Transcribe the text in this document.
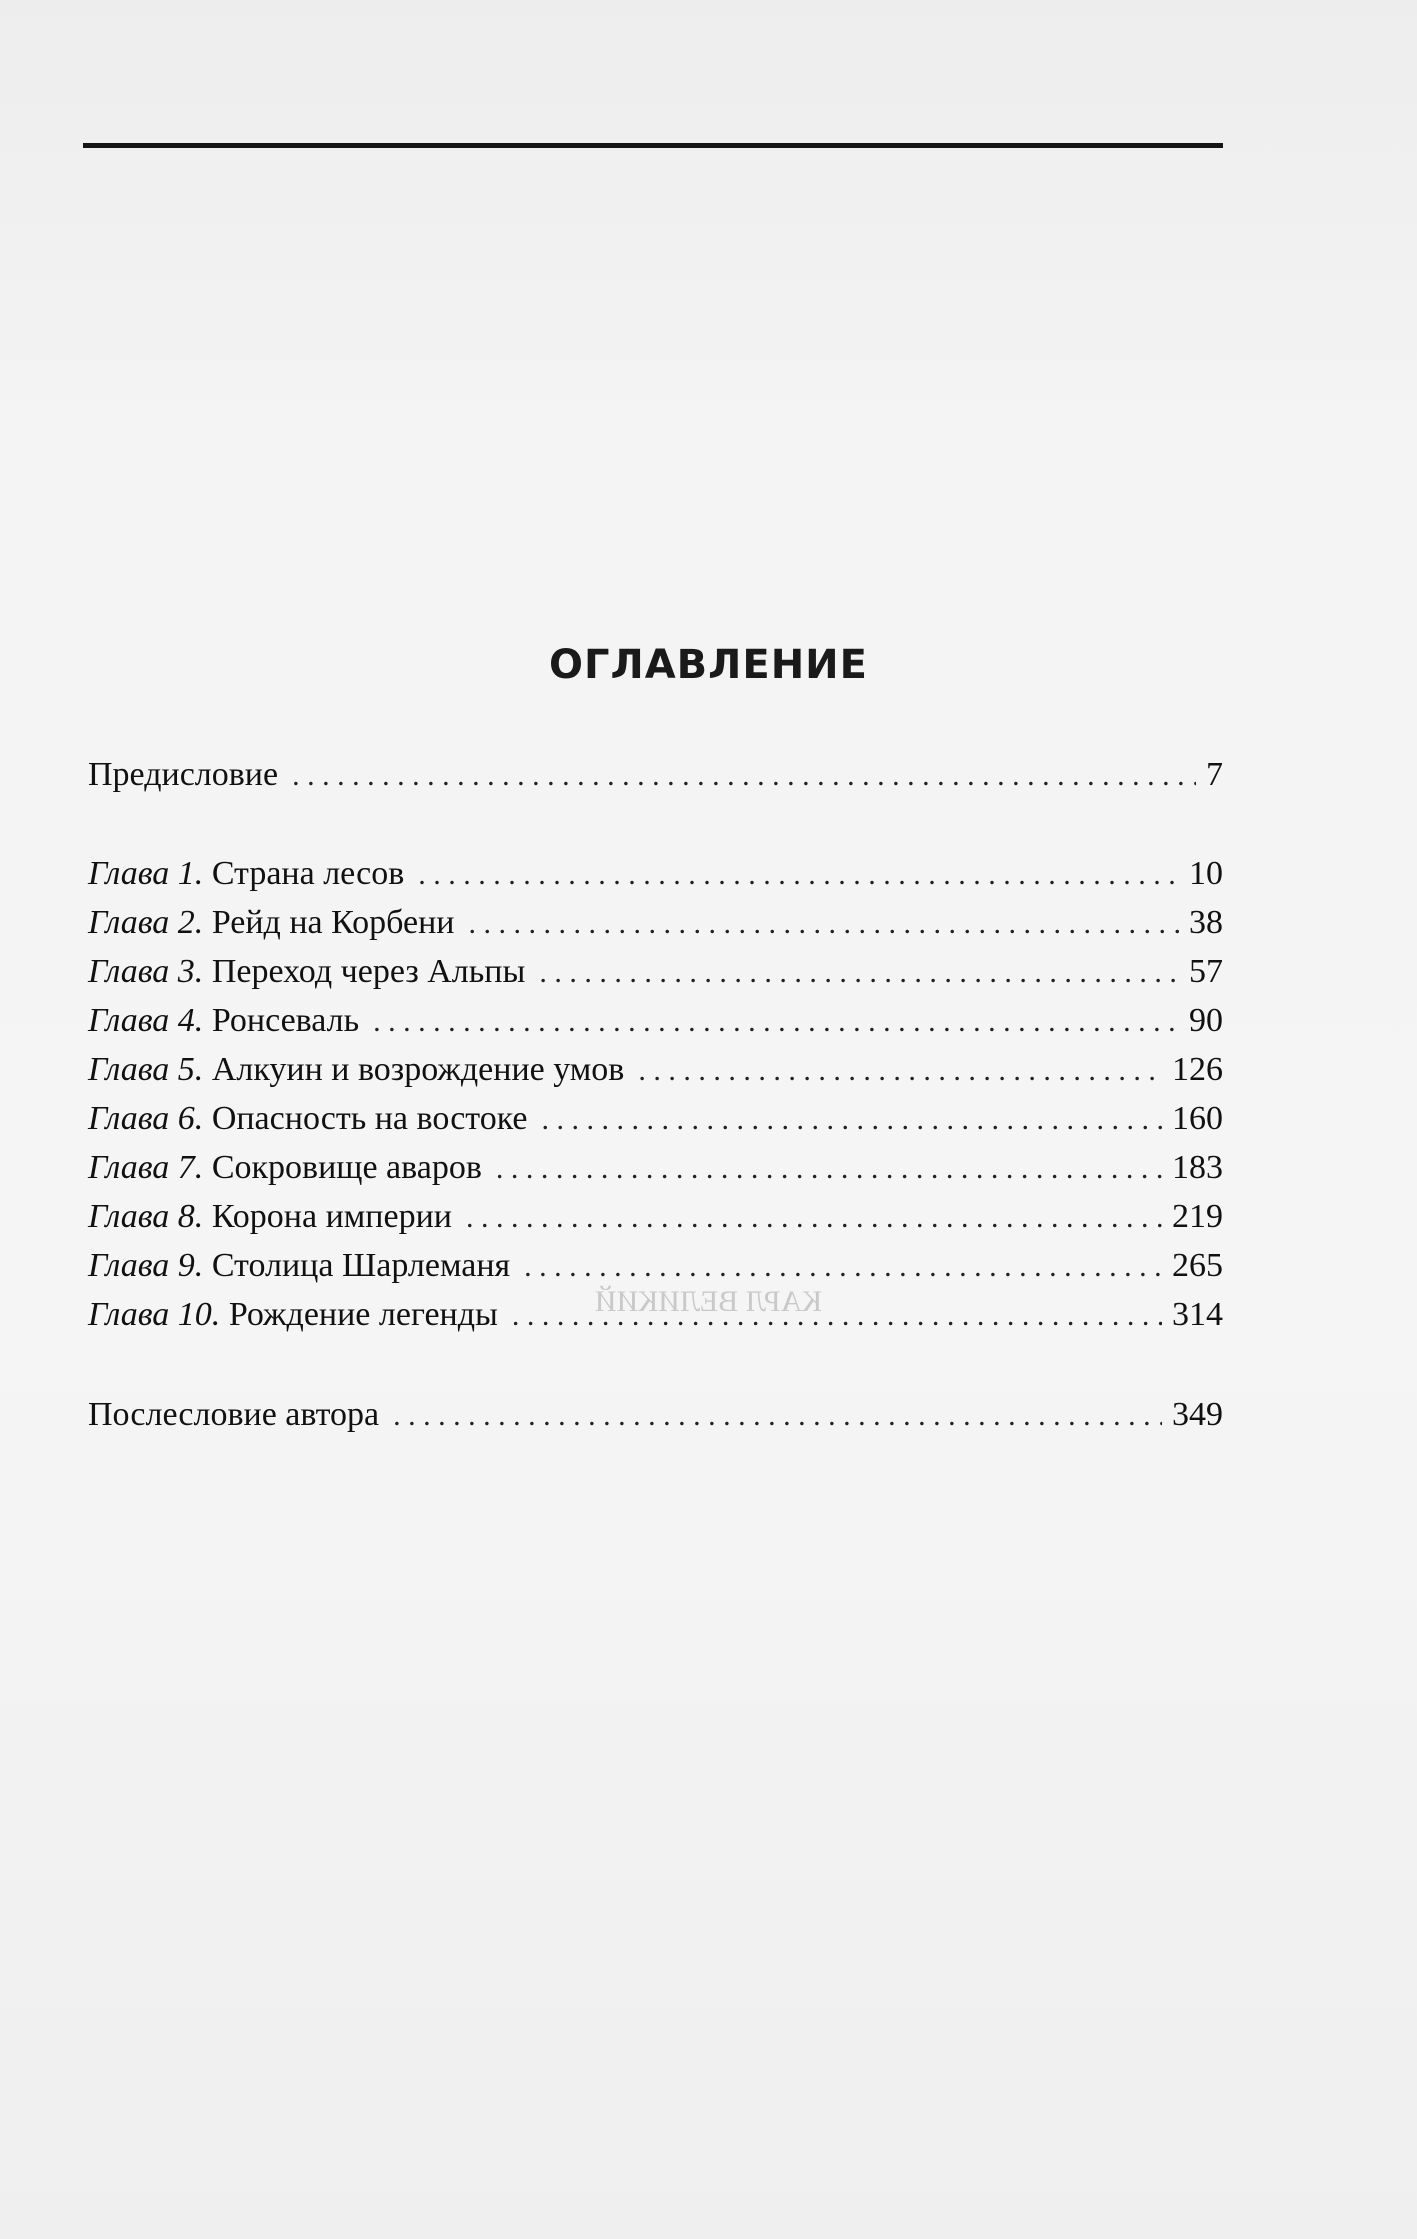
КАРЛ ВЕЛИКИЙ
ОГЛАВЛЕНИЕ
Предисловие . . .	7
Глава 1. Страна лесов . . .	10
Глава 2. Рейд на Корбени . . .	38
Глава 3. Переход через Альпы . . .	57
Глава 4. Ронсеваль . . .	90
Глава 5. Алкуин и возрождение умов . . .	126
Глава 6. Опасность на востоке . . .	160
Глава 7. Сокровище аваров . . .	183
Глава 8. Корона империи . . .	219
Глава 9. Столица Шарлеманя . . .	265
Глава 10. Рождение легенды . . .	314
Послесловие автора . . .	349
